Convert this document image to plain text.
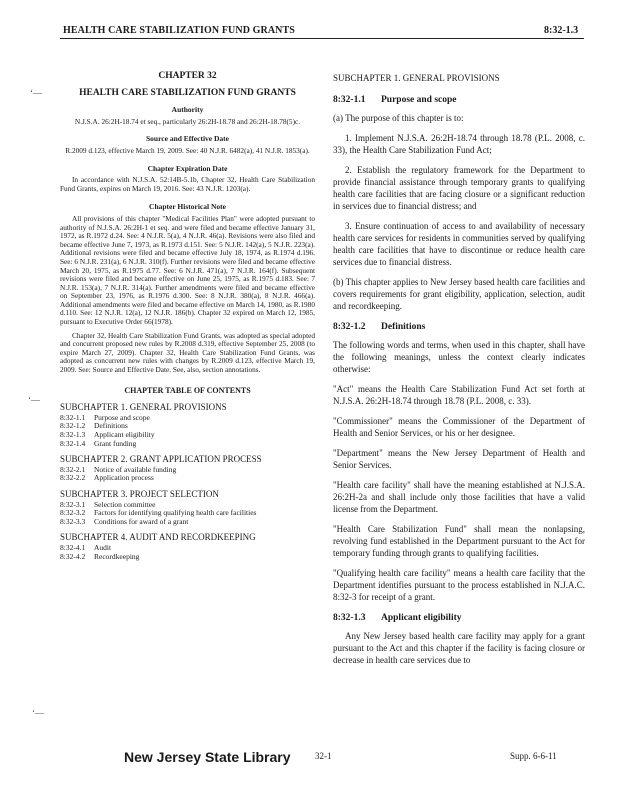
HEALTH CARE STABILIZATION FUND GRANTS	8:32-1.3
‘—
‘—
‘—
CHAPTER 32
HEALTH CARE STABILIZATION FUND GRANTS
Authority

N.J.S.A. 26:2H-18.74 et seq., particularly 26:2H-18.78 and 26:2H-18.78(5)c.

Source and Effective Date

R.2009 d.123, effective March 19, 2009. See: 40 N.J.R. 6482(a), 41 N.J.R. 1853(a).

Chapter Expiration Date

In accordance with N.J.S.A. 52:14B-5.1b, Chapter 32, Health Care Stabilization Fund Grants, expires on March 19, 2016. See: 43 N.J.R. 1203(a).

Chapter Historical Note

All provisions of this chapter "Medical Facilities Plan" were adopted pursuant to authority of N.J.S.A. 26:2H-1 et seq. and were filed and became effective January 31, 1972, as R.1972 d.24. See: 4 N.J.R. 5(a), 4 N.J.R. 46(a). Revisions were also filed and became effective June 7, 1973, as R.1973 d.151. See: 5 N.J.R. 142(a), 5 N.J.R. 223(a). Additional revisions were filed and became effective July 18, 1974, as R.1974 d.196. See: 6 N.J.R. 231(a), 6 N.J.R. 310(f). Further revisions were filed and became effective March 20, 1975, as R.1975 d.77. See: 6 N.J.R. 471(a), 7 N.J.R. 164(f). Subsequent revisions were filed and became effective on June 25, 1975, as R.1975 d.183. See: 7 N.J.R. 153(a), 7 N.J.R. 314(a). Further amendments were filed and became effective on September 23, 1976, as R.1976 d.300. See: 8 N.J.R. 380(a), 8 N.J.R. 466(a). Additional amendments were filed and became effective on March 14, 1980, as R.1980 d.110. See: 12 N.J.R. 12(a), 12 N.J.R. 186(b). Chapter 32 expired on March 12, 1985, pursuant to Executive Order 66(1978).

Chapter 32, Health Care Stabilization Fund Grants, was adopted as special adopted and concurrent proposed new rules by R.2008 d.319, effective September 25, 2008 (to expire March 27, 2009). Chapter 32, Health Care Stabilization Fund Grants, was adopted as concurrent new rules with changes by R.2009 d.123, effective March 19, 2009. See: Source and Effective Date. See, also, section annotations.

CHAPTER TABLE OF CONTENTS
SUBCHAPTER 1. GENERAL PROVISIONS
8:32-1.1	Purpose and scope
8:32-1.2	Definitions
8:32-1.3	Applicant eligibility
8:32-1.4	Grant funding
SUBCHAPTER 2. GRANT APPLICATION PROCESS
8:32-2.1	Notice of available funding
8:32-2.2	Application process
SUBCHAPTER 3. PROJECT SELECTION
8:32-3.1	Selection committee
8:32-3.2	Factors for identifying qualifying health care facilities
8:32-3.3	Conditions for award of a grant
SUBCHAPTER 4. AUDIT AND RECORDKEEPING
8:32-4.1	Audit
8:32-4.2	Recordkeeping
SUBCHAPTER 1. GENERAL PROVISIONS
8:32-1.1 Purpose and scope

(a) The purpose of this chapter is to:

1. Implement N.J.S.A. 26:2H-18.74 through 18.78 (P.L. 2008, c. 33), the Health Care Stabilization Fund Act;

2. Establish the regulatory framework for the Department to provide financial assistance through temporary grants to qualifying health care facilities that are facing closure or a significant reduction in services due to financial distress; and

3. Ensure continuation of access to and availability of necessary health care services for residents in communities served by qualifying health care facilities that have to discontinue or reduce health care services due to financial distress.

(b) This chapter applies to New Jersey based health care facilities and covers requirements for grant eligibility, application, selection, audit and recordkeeping.

8:32-1.2 Definitions

The following words and terms, when used in this chapter, shall have the following meanings, unless the context clearly indicates otherwise:

"Act" means the Health Care Stabilization Fund Act set forth at N.J.S.A. 26:2H-18.74 through 18.78 (P.L. 2008, c. 33).

"Commissioner" means the Commissioner of the Department of Health and Senior Services, or his or her designee.

"Department" means the New Jersey Department of Health and Senior Services.

"Health care facility" shall have the meaning established at N.J.S.A. 26:2H-2a and shall include only those facilities that have a valid license from the Department.

"Health Care Stabilization Fund" shall mean the nonlapsing, revolving fund established in the Department pursuant to the Act for temporary funding through grants to qualifying facilities.

"Qualifying health care facility" means a health care facility that the Department identifies pursuant to the process established in N.J.A.C. 8:32-3 for receipt of a grant.

8:32-1.3 Applicant eligibility

Any New Jersey based health care facility may apply for a grant pursuant to the Act and this chapter if the facility is facing closure or decrease in health care services due to

New Jersey State Library	32-1	Supp. 6-6-11
